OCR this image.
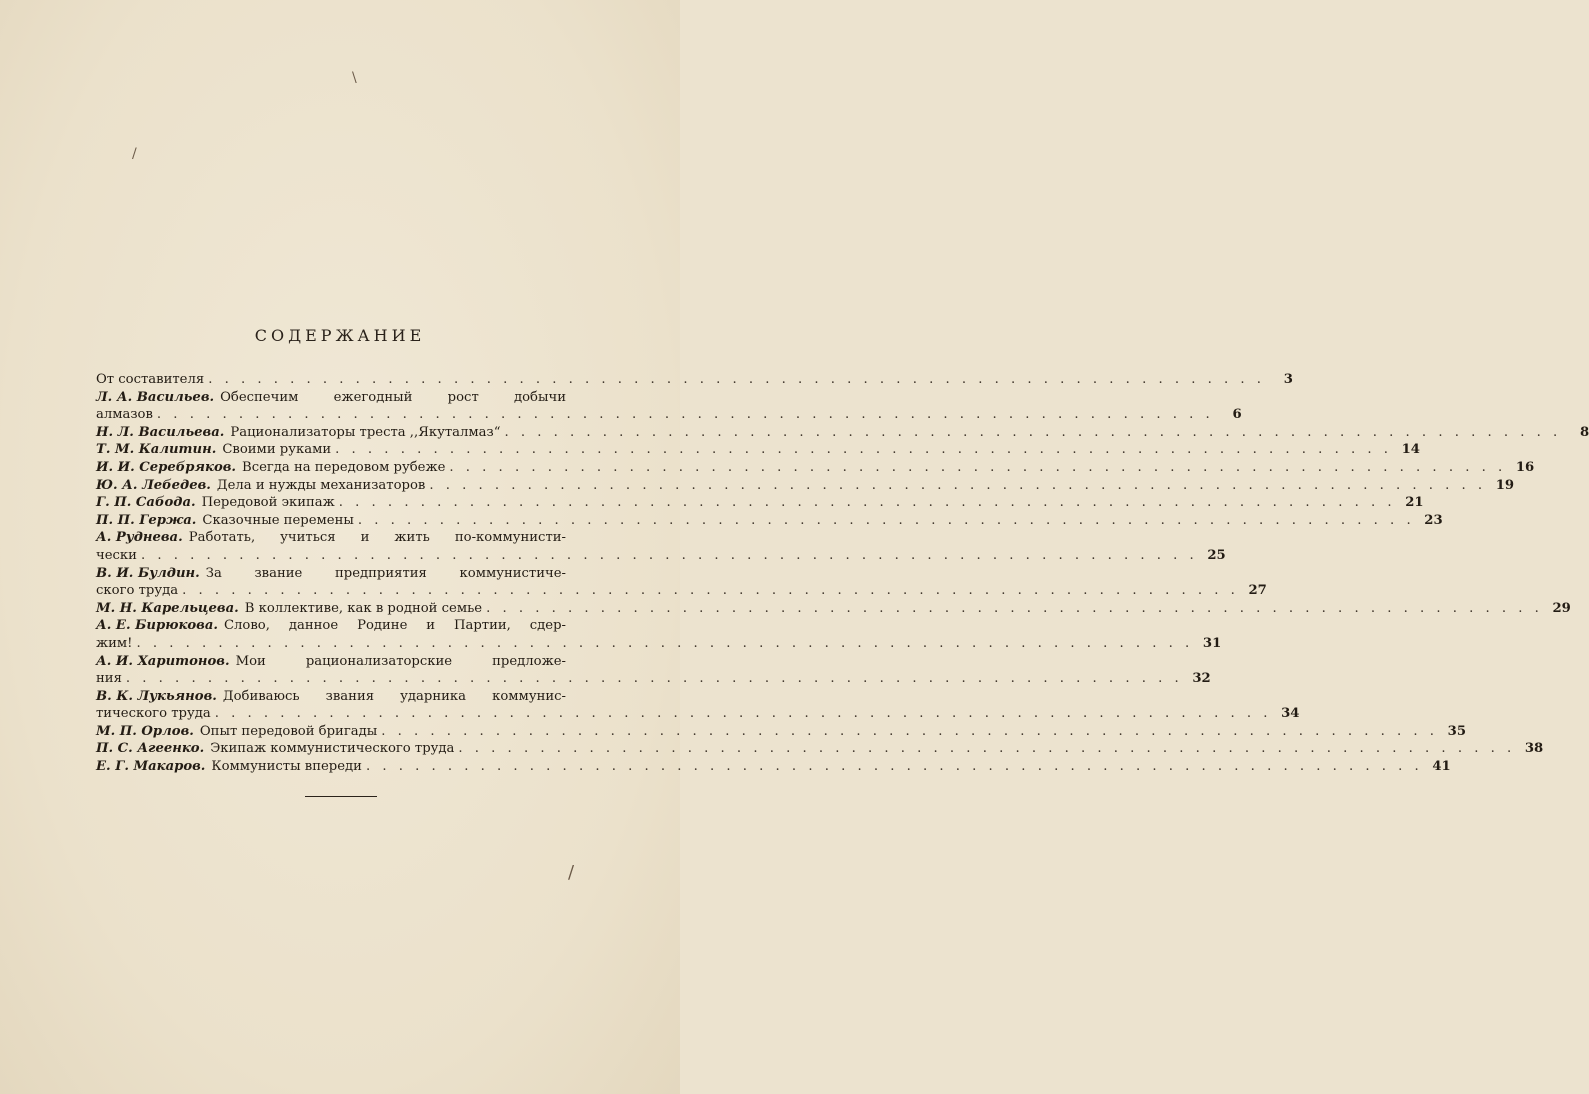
\
/
/
СОДЕРЖАНИЕ
От составителя . . .	3
Л. А. Васильев. Обеспечим ежегодный рост добычи
алмазов . . .	6
Н. Л. Васильева. Рационализаторы треста ,,Якуталмаз“ . . .	8
Т. М. Калитин. Своими руками . . .	14
И. И. Серебряков. Всегда на передовом рубеже . . .	16
Ю. А. Лебедев. Дела и нужды механизаторов . . .	19
Г. П. Сабода. Передовой экипаж . . .	21
П. П. Гержа. Сказочные перемены . . .	23
А. Руднева. Работать, учиться и жить по-коммунисти-
чески . . .	25
В. И. Булдин. За звание предприятия коммунистиче-
ского труда . . .	27
М. Н. Карельцева. В коллективе, как в родной семье . . .	29
А. Е. Бирюкова. Слово, данное Родине и Партии, сдер-
жим! . . .	31
А. И. Харитонов. Мои рационализаторские предложе-
ния . . .	32
В. К. Лукьянов. Добиваюсь звания ударника коммунис-
тического труда . . .	34
М. П. Орлов. Опыт передовой бригады . . .	35
П. С. Агеенко. Экипаж коммунистического труда . . .	38
Е. Г. Макаров. Коммунисты впереди . . .	41
